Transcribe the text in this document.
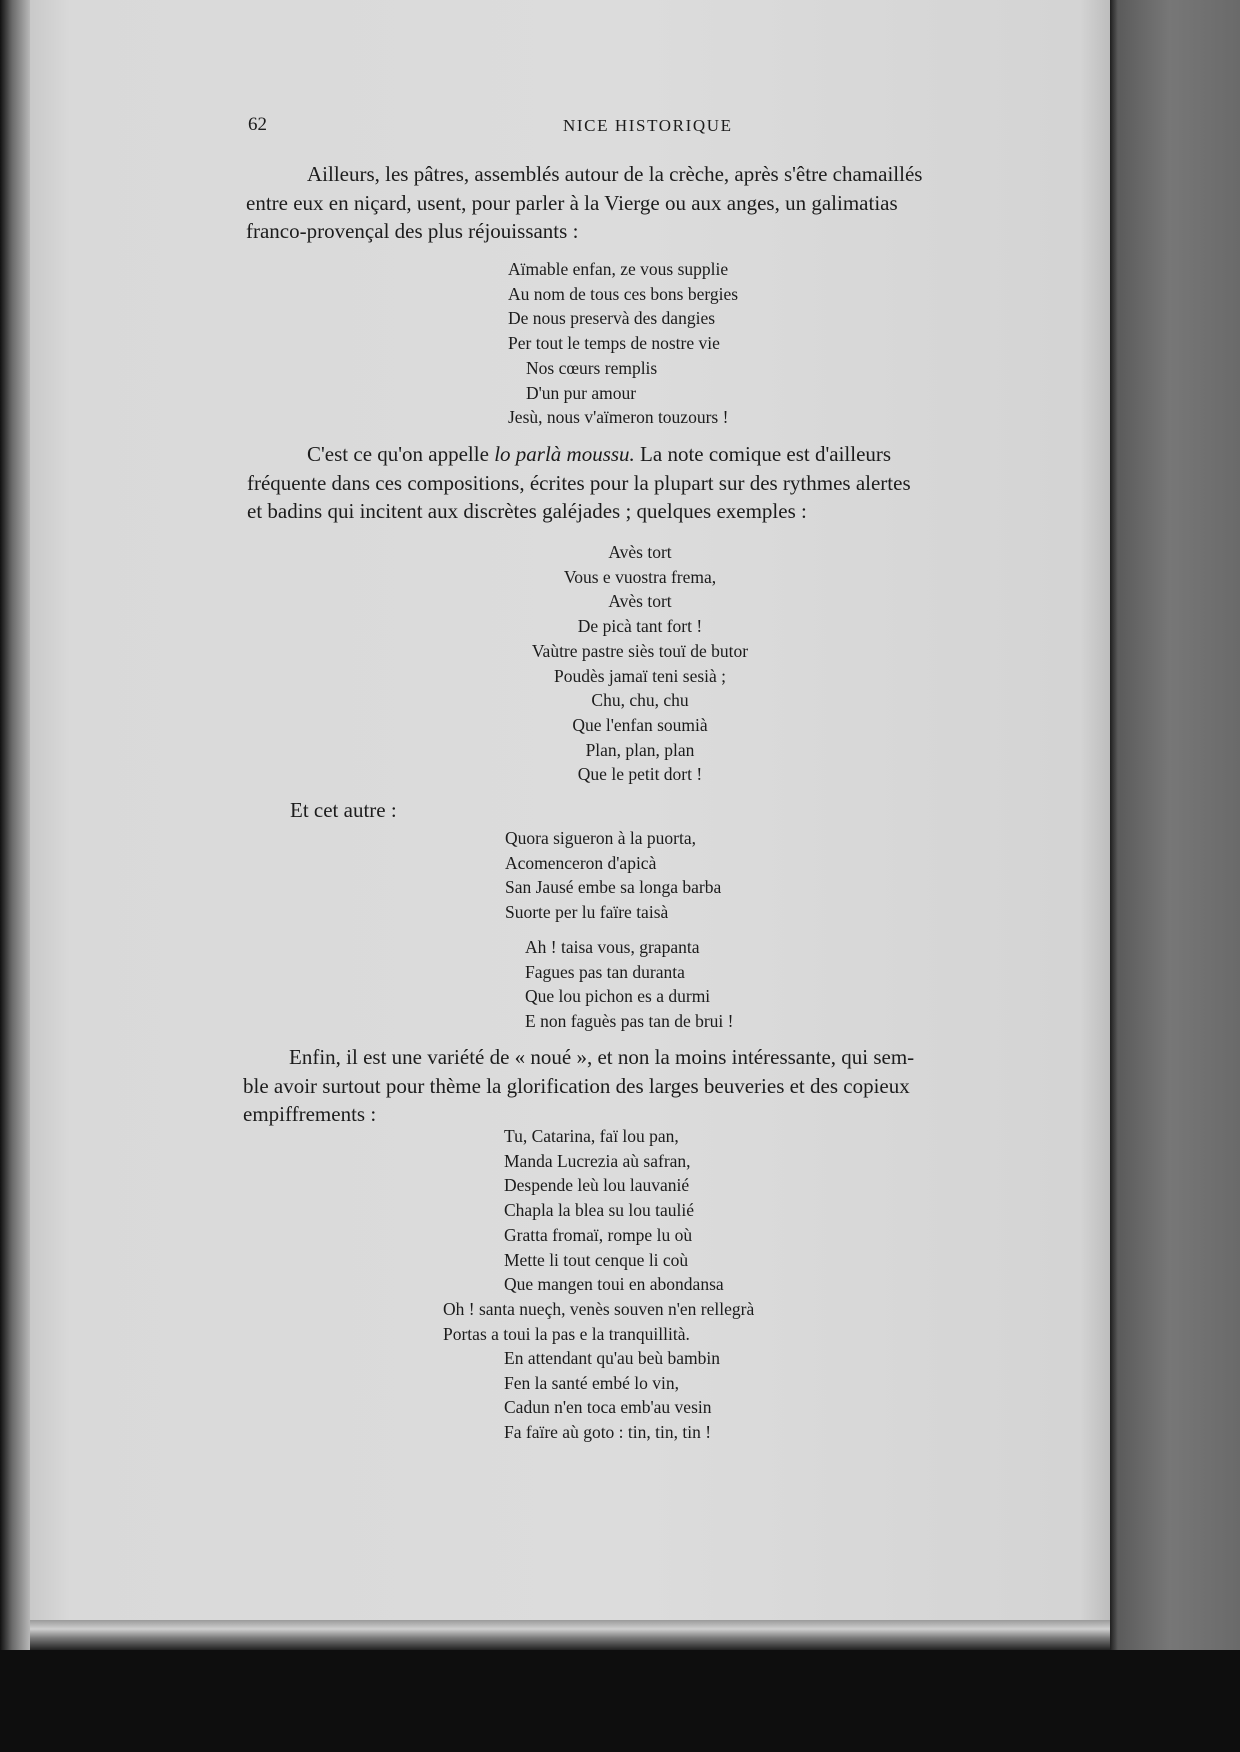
62	NICE HISTORIQUE
Ailleurs, les pâtres, assemblés autour de la crèche, après s'être chamaillés
entre eux en niçard, usent, pour parler à la Vierge ou aux anges, un galimatias
franco-provençal des plus réjouissants :
Aïmable enfan, ze vous supplie
Au nom de tous ces bons bergies
De nous preservà des dangies
Per tout le temps de nostre vie
Nos cœurs remplis
D'un pur amour
Jesù, nous v'aïmeron touzours !
C'est ce qu'on appelle lo parlà moussu. La note comique est d'ailleurs
fréquente dans ces compositions, écrites pour la plupart sur des rythmes alertes
et badins qui incitent aux discrètes galéjades ; quelques exemples :
Avès tort
Vous e vuostra frema,
Avès tort
De picà tant fort !
Vaùtre pastre siès touï de butor
Poudès jamaï teni sesià ;
Chu, chu, chu
Que l'enfan soumià
Plan, plan, plan
Que le petit dort !
Et cet autre :
Quora sigueron à la puorta,
Acomenceron d'apicà
San Jausé embe sa longa barba
Suorte per lu faïre taisà
Ah ! taisa vous, grapanta
Fagues pas tan duranta
Que lou pichon es a durmi
E non faguès pas tan de brui !
Enfin, il est une variété de « noué », et non la moins intéressante, qui sem-
ble avoir surtout pour thème la glorification des larges beuveries et des copieux
empiffrements :
Tu, Catarina, faï lou pan,
Manda Lucrezia aù safran,
Despende leù lou lauvanié
Chapla la blea su lou taulié
Gratta fromaï, rompe lu où
Mette li tout cenque li coù
Que mangen toui en abondansa
Oh ! santa nueçh, venès souven n'en rellegrà
Portas a toui la pas e la tranquillità.
En attendant qu'au beù bambin
Fen la santé embé lo vin,
Cadun n'en toca emb'au vesin
Fa faïre aù goto : tin, tin, tin !
